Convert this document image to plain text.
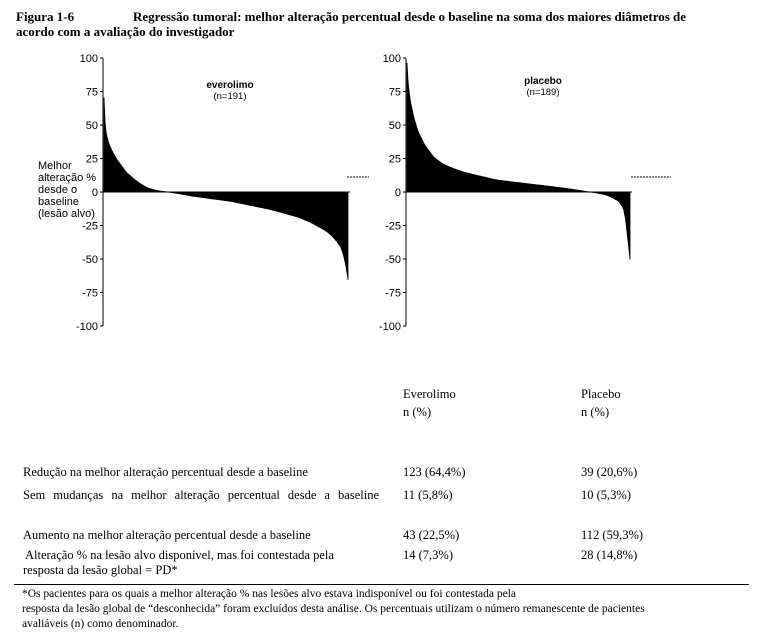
Figura 1-6	Regressão tumoral: melhor alteração percentual desde o baseline na soma dos maiores diâmetros de
acordo com a avaliação do investigador
100
75
50
25
0
-25
-50
-75
-100
everolimo
(n=191)
100
75
50
25
0
-25
-50
-75
-100
placebo
(n=189)
Melhor alteração % desde o baseline (lesão alvo)
Everolimo
n (%)
Placebo
n (%)
Redução na melhor alteração percentual desde a baseline	123 (64,4%)	39 (20,6%)
Sem mudanças na melhor alteração percentual desde a baseline 11 (5,8%)	10 (5,3%)
Aumento na melhor alteração percentual desde a baseline	43 (22,5%)	112 (59,3%)
Alteração % na lesão alvo disponível, mas foi contestada pela
resposta da lesão global = PD*
14 (7,3%)	28 (14,8%)
*Os pacientes para os quais a melhor alteração % nas lesões alvo estava indisponível ou foi contestada pela
resposta da lesão global de “desconhecida” foram excluídos desta análise. Os percentuais utilizam o número remanescente de pacientes
avaliáveis (n) como denominador.
